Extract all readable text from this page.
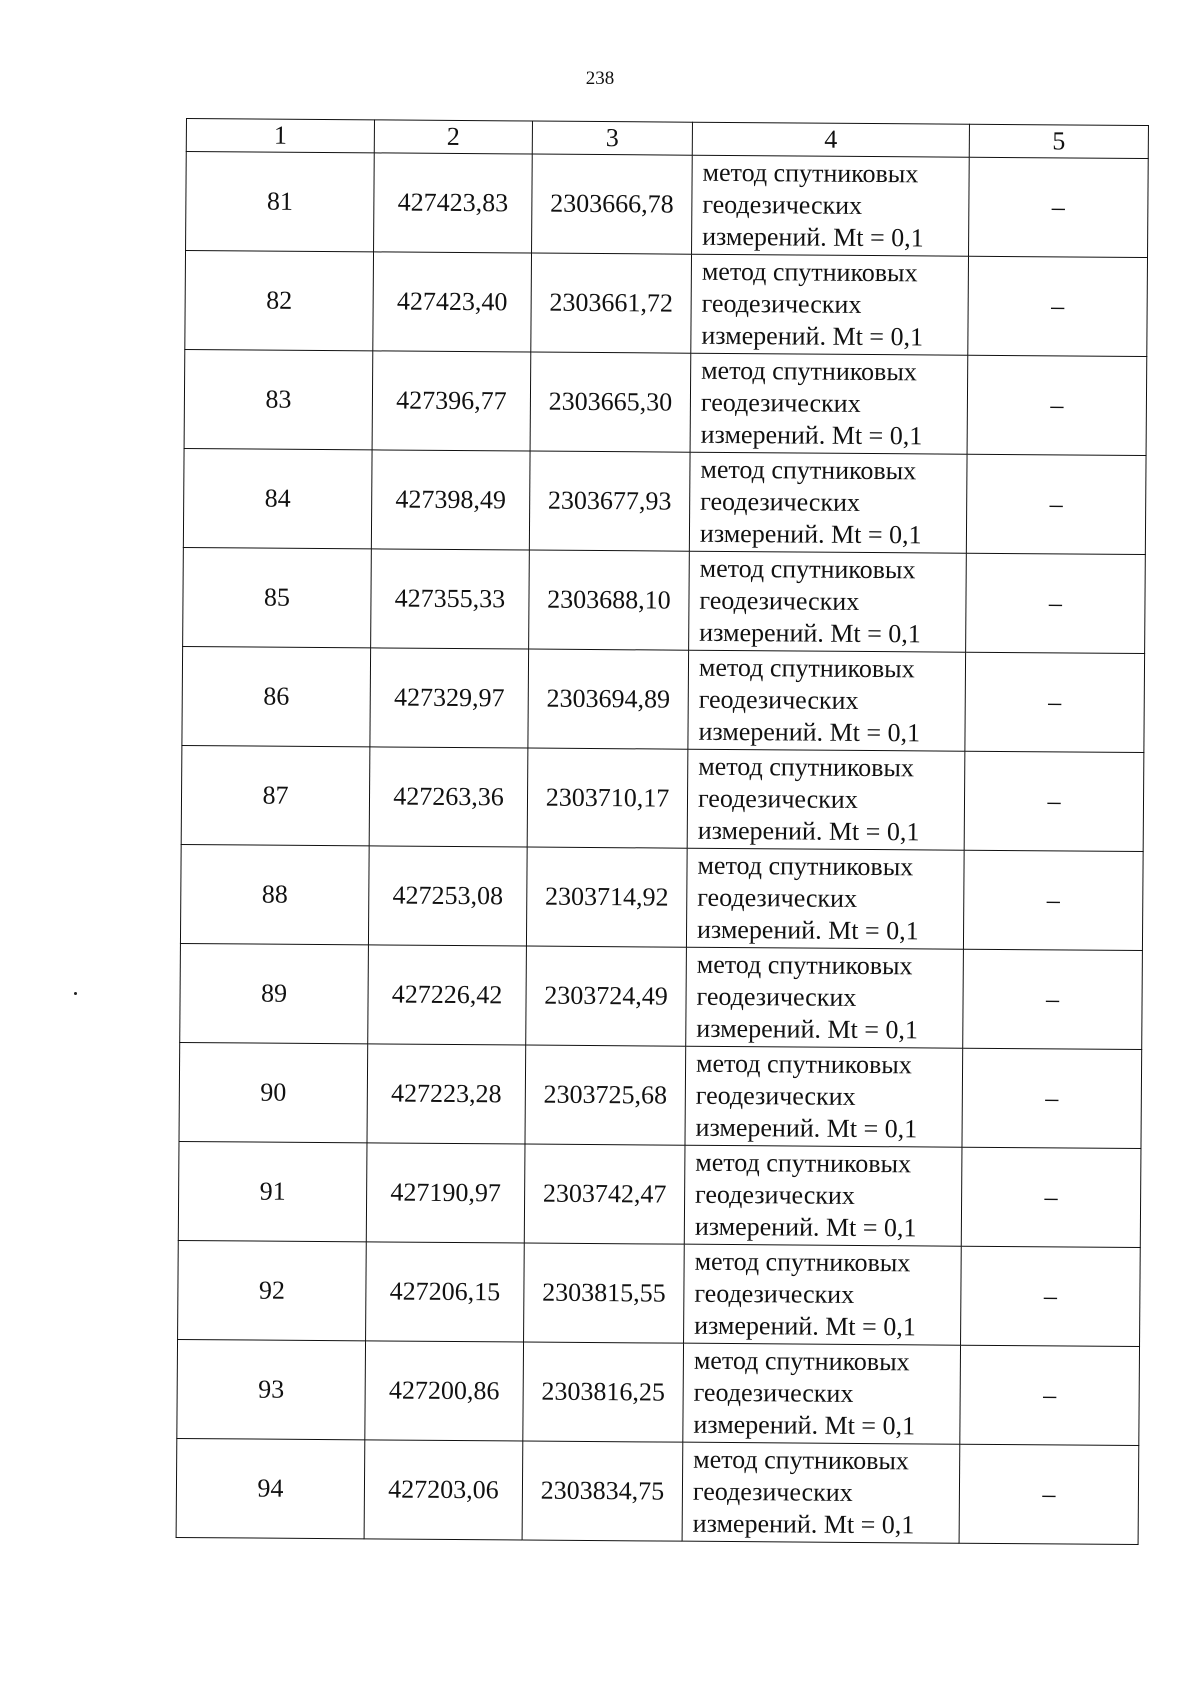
238
1	2	3	4	5
81	427423,83	2303666,78	метод спутниковых
геодезических
измерений. Mt = 0,1	–
82	427423,40	2303661,72	метод спутниковых
геодезических
измерений. Mt = 0,1	–
83	427396,77	2303665,30	метод спутниковых
геодезических
измерений. Mt = 0,1	–
84	427398,49	2303677,93	метод спутниковых
геодезических
измерений. Mt = 0,1	–
85	427355,33	2303688,10	метод спутниковых
геодезических
измерений. Mt = 0,1	–
86	427329,97	2303694,89	метод спутниковых
геодезических
измерений. Mt = 0,1	–
87	427263,36	2303710,17	метод спутниковых
геодезических
измерений. Mt = 0,1	–
88	427253,08	2303714,92	метод спутниковых
геодезических
измерений. Mt = 0,1	–
89	427226,42	2303724,49	метод спутниковых
геодезических
измерений. Mt = 0,1	–
90	427223,28	2303725,68	метод спутниковых
геодезических
измерений. Mt = 0,1	–
91	427190,97	2303742,47	метод спутниковых
геодезических
измерений. Mt = 0,1	–
92	427206,15	2303815,55	метод спутниковых
геодезических
измерений. Mt = 0,1	–
93	427200,86	2303816,25	метод спутниковых
геодезических
измерений. Mt = 0,1	–
94	427203,06	2303834,75	метод спутниковых
геодезических
измерений. Mt = 0,1	–
